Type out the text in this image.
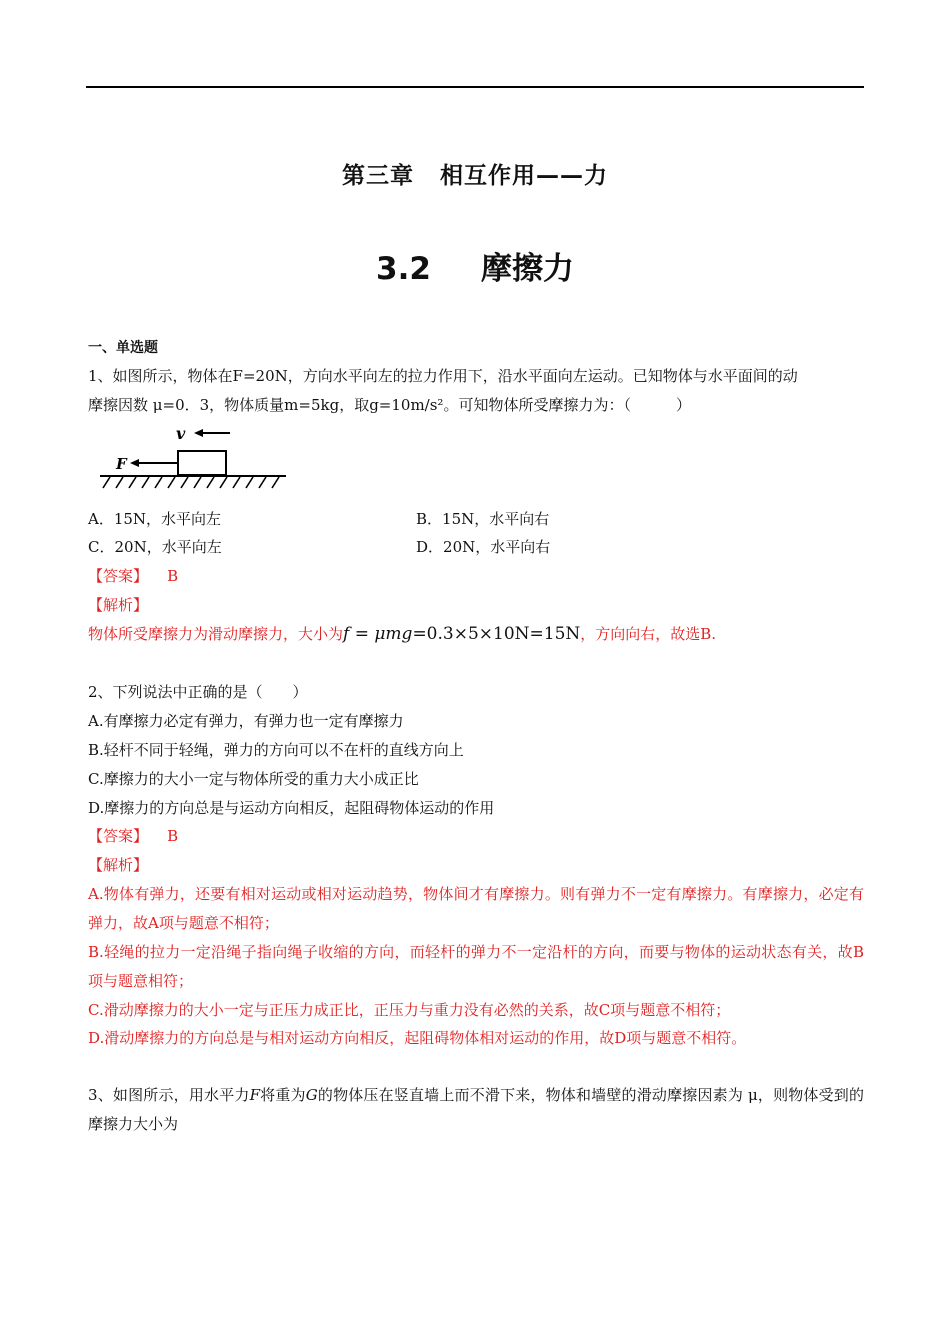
第三章 相互作用——力
3.2 摩擦力
一、单选题
1、如图所示，物体在F=20N，方向水平向左的拉力作用下，沿水平面向左运动。已知物体与水平面间的动
摩擦因数 μ=0．3，物体质量m=5kg，取g=10m/s²。可知物体所受摩擦力为：（　　　）
v
F
A．15N，水平向左	B．15N，水平向右
C．20N，水平向左	D．20N，水平向右
【答案】 B
【解析】
物体所受摩擦力为滑动摩擦力，大小为f = μmg=0.3×5×10N=15N，方向向右，故选B.
2、下列说法中正确的是（　　）
A.有摩擦力必定有弹力，有弹力也一定有摩擦力
B.轻杆不同于轻绳，弹力的方向可以不在杆的直线方向上
C.摩擦力的大小一定与物体所受的重力大小成正比
D.摩擦力的方向总是与运动方向相反，起阻碍物体运动的作用
【答案】 B
【解析】
A.物体有弹力，还要有相对运动或相对运动趋势，物体间才有摩擦力。则有弹力不一定有摩擦力。有摩擦力，必定有弹力，故A项与题意不相符；
B.轻绳的拉力一定沿绳子指向绳子收缩的方向，而轻杆的弹力不一定沿杆的方向，而要与物体的运动状态有关，故B项与题意相符；
C.滑动摩擦力的大小一定与正压力成正比，正压力与重力没有必然的关系，故C项与题意不相符；
D.滑动摩擦力的方向总是与相对运动方向相反，起阻碍物体相对运动的作用，故D项与题意不相符。
3、如图所示，用水平力F将重为G的物体压在竖直墙上而不滑下来，物体和墙壁的滑动摩擦因素为 μ，则物体受到的摩擦力大小为
